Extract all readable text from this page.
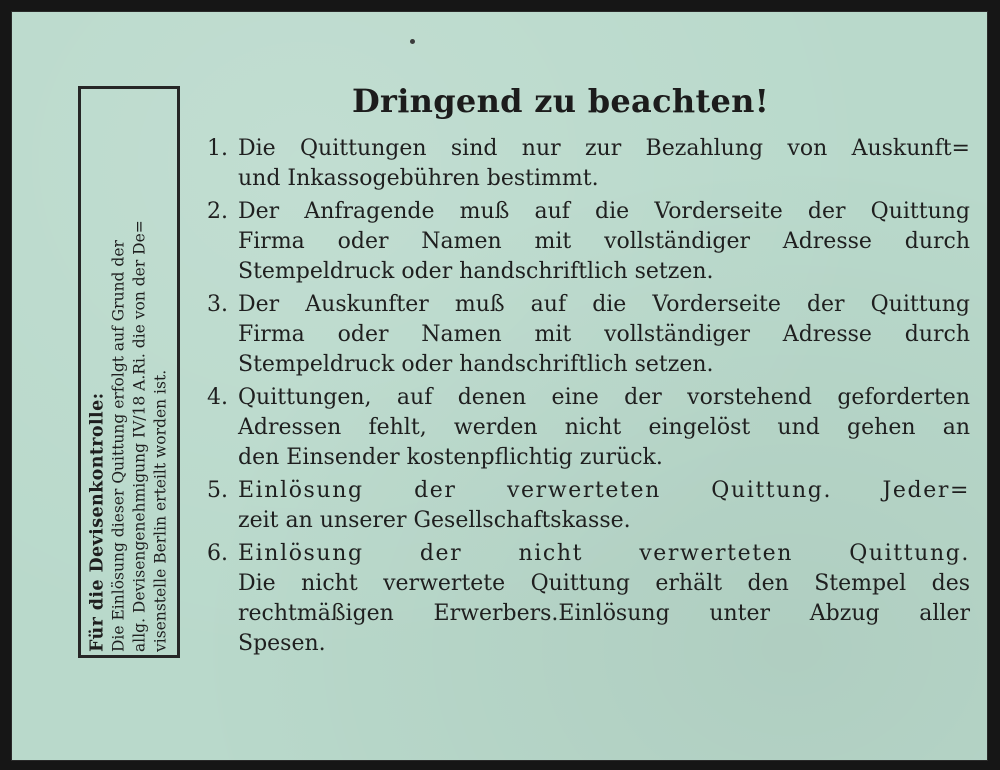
Für die Devisenkontrolle: Die Einlösung dieser Quittung erfolgt auf Grund der allg. Devisengenehmigung IV/18 A.Ri. die von der De= visenstelle Berlin erteilt worden ist.
Dringend zu beachten!
1. Die Quittungen sind nur zur Bezahlung von Auskunft=
und Inkassogebühren bestimmt.
2. Der Anfragende muß auf die Vorderseite der Quittung
Firma oder Namen mit vollständiger Adresse durch
Stempeldruck oder handschriftlich setzen.
3. Der Auskunfter muß auf die Vorderseite der Quittung
Firma oder Namen mit vollständiger Adresse durch
Stempeldruck oder handschriftlich setzen.
4. Quittungen, auf denen eine der vorstehend geforderten
Adressen fehlt, werden nicht eingelöst und gehen an
den Einsender kostenpflichtig zurück.
5. Einlösung der verwerteten Quittung. Jeder=
zeit an unserer Gesellschaftskasse.
6. Einlösung der nicht verwerteten Quittung.
Die nicht verwertete Quittung erhält den Stempel des
rechtmäßigen Erwerbers.Einlösung unter Abzug aller
Spesen.
